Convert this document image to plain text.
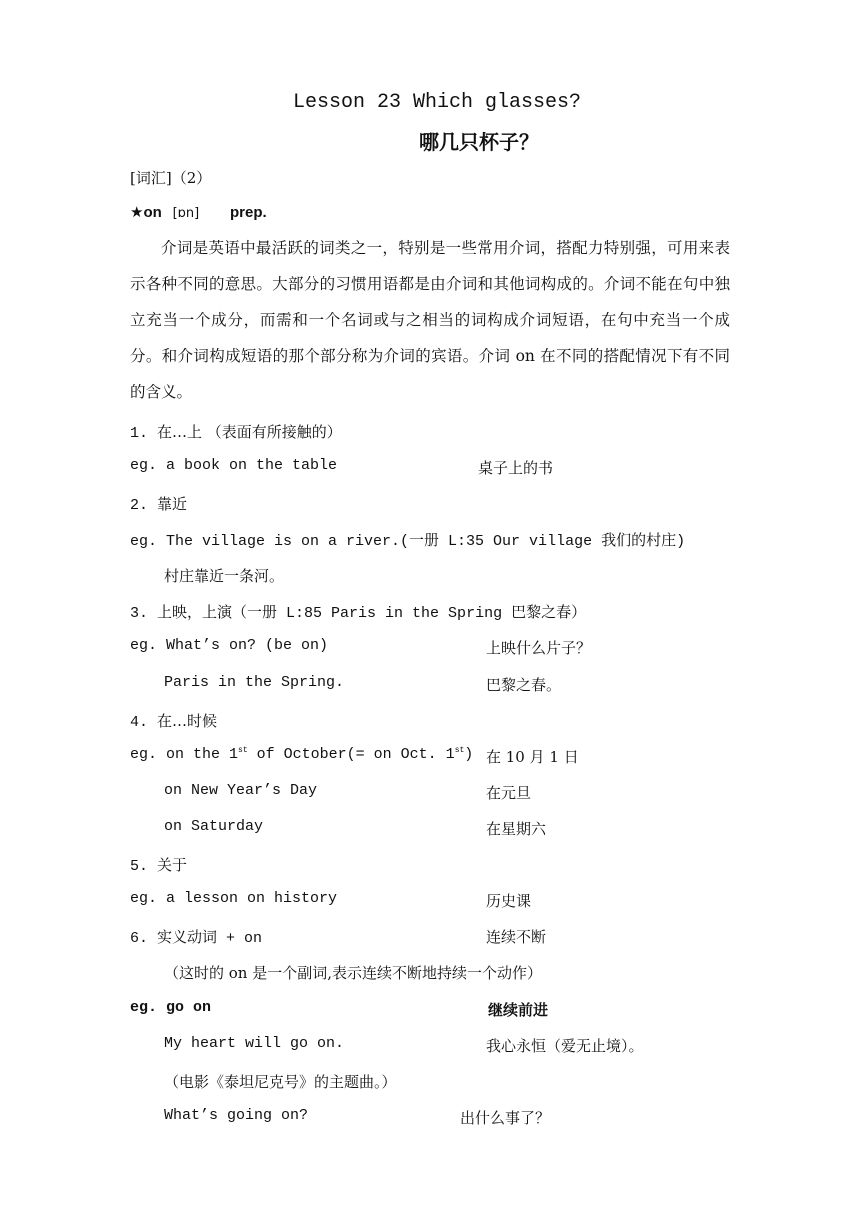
Lesson 23 Which glasses?
哪几只杯子？
[词汇]（2）
★on [ɒn] prep.
介词是英语中最活跃的词类之一，特别是一些常用介词，搭配力特别强，可用来表示各种不同的意思。大部分的习惯用语都是由介词和其他词构成的。介词不能在句中独立充当一个成分，而需和一个名词或与之相当的词构成介词短语，在句中充当一个成分。和介词构成短语的那个部分称为介词的宾语。介词 on 在不同的搭配情况下有不同的含义。
1. 在…上 （表面有所接触的）
eg. a book on the table	桌子上的书
2. 靠近
eg. The village is on a river.(一册 L:35 Our village 我们的村庄)
村庄靠近一条河。
3. 上映，上演（一册 L:85 Paris in the Spring 巴黎之春）
eg. What’s on? (be on)	上映什么片子？
Paris in the Spring.	巴黎之春。
4. 在…时候
eg. on the 1st of October(= on Oct. 1st) 在 10 月 1 日
on New Year’s Day	在元旦
on Saturday	在星期六
5. 关于
eg. a lesson on history	历史课
6. 实义动词 + on	连续不断
（这时的 on 是一个副词,表示连续不断地持续一个动作）
eg. go on	继续前进
My heart will go on.	我心永恒（爱无止境）。
（电影《泰坦尼克号》的主题曲。）
What’s going on?	出什么事了？
